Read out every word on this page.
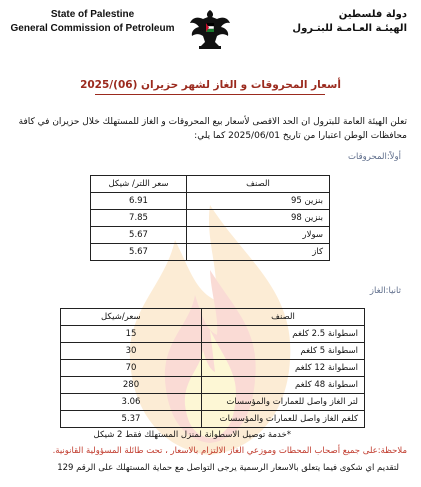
State of Palestine
General Commission of Petroleum
دولة فلسطين
الهيئـة العـامـة للبتـرول
أسعار المحروقات و الغاز لشهر حزيران (06)/2025
تعلن الهيئة العامة للبترول ان الحد الاقصى لأسعار بيع المحروقات و الغاز للمستهلك خلال حزيران في كافة محافظات الوطن اعتبارا من تاريخ 2025/06/01 كما يلي:
أولاً:المحروقات
الصنف	سعر اللتر/ شيكل
بنزين 95	6.91
بنزين 98	7.85
سولار	5.67
كاز	5.67
ثانيا:الغاز
الصنف	سعر/شيكل
اسطوانة 2.5 كلغم	15
اسطوانة 5 كلغم	30
اسطوانة 12 كلغم	70
اسطوانة 48 كلغم	280
لتر الغاز واصل للعمارات والمؤسسات	3.06
كلغم الغاز واصل للعمارات والمؤسسات	5.37
*خدمة توصيل الاسطوانة لمنزل المستهلك فقط 2 شيكل
ملاحظة:على جميع أصحاب المحطات وموزعي الغاز الالتزام بالاسعار ، تحت طائلة المسؤولية القانونية.
لتقديم اي شكوى فيما يتعلق بالاسعار الرسمية يرجى التواصل مع حماية المستهلك على الرقم 129
